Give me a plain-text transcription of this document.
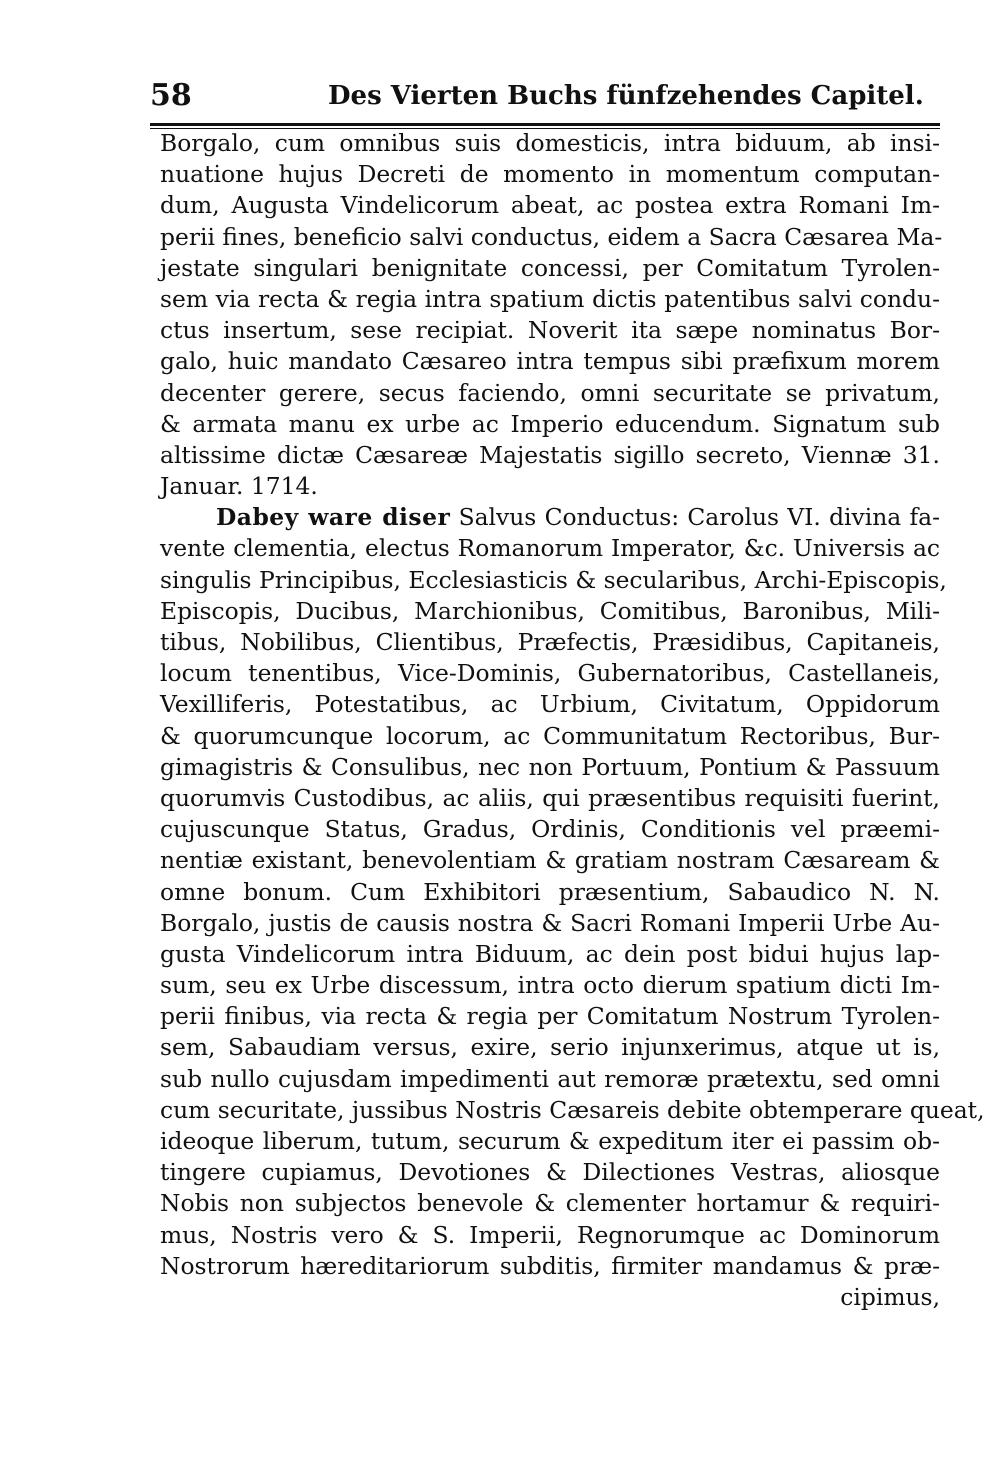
58	Des Vierten Buchs fünfzehendes Capitel.
Borgalo, cum omnibus suis domesticis, intra biduum, ab insi-
nuatione hujus Decreti de momento in momentum computan-
dum, Augusta Vindelicorum abeat, ac postea extra Romani Im-
perii fines, beneficio salvi conductus, eidem a Sacra Cæsarea Ma-
jestate singulari benignitate concessi, per Comitatum Tyrolen-
sem via recta & regia intra spatium dictis patentibus salvi condu-
ctus insertum, sese recipiat. Noverit ita sæpe nominatus Bor-
galo, huic mandato Cæsareo intra tempus sibi præfixum morem
decenter gerere, secus faciendo, omni securitate se privatum,
& armata manu ex urbe ac Imperio educendum. Signatum sub
altissime dictæ Cæsareæ Majestatis sigillo secreto, Viennæ 31.
Januar. 1714.
Dabey ware diser Salvus Conductus: Carolus VI. divina fa-
vente clementia, electus Romanorum Imperator, &c. Universis ac
singulis Principibus, Ecclesiasticis & secularibus, Archi-Episcopis,
Episcopis, Ducibus, Marchionibus, Comitibus, Baronibus, Mili-
tibus, Nobilibus, Clientibus, Præfectis, Præsidibus, Capitaneis,
locum tenentibus, Vice-Dominis, Gubernatoribus, Castellaneis,
Vexilliferis, Potestatibus, ac Urbium, Civitatum, Oppidorum
& quorumcunque locorum, ac Communitatum Rectoribus, Bur-
gimagistris & Consulibus, nec non Portuum, Pontium & Passuum
quorumvis Custodibus, ac aliis, qui præsentibus requisiti fuerint,
cujuscunque Status, Gradus, Ordinis, Conditionis vel præemi-
nentiæ existant, benevolentiam & gratiam nostram Cæsaream &
omne bonum. Cum Exhibitori præsentium, Sabaudico N. N.
Borgalo, justis de causis nostra & Sacri Romani Imperii Urbe Au-
gusta Vindelicorum intra Biduum, ac dein post bidui hujus lap-
sum, seu ex Urbe discessum, intra octo dierum spatium dicti Im-
perii finibus, via recta & regia per Comitatum Nostrum Tyrolen-
sem, Sabaudiam versus, exire, serio injunxerimus, atque ut is,
sub nullo cujusdam impedimenti aut remoræ prætextu, sed omni
cum securitate, jussibus Nostris Cæsareis debite obtemperare queat,
ideoque liberum, tutum, securum & expeditum iter ei passim ob-
tingere cupiamus, Devotiones & Dilectiones Vestras, aliosque
Nobis non subjectos benevole & clementer hortamur & requiri-
mus, Nostris vero & S. Imperii, Regnorumque ac Dominorum
Nostrorum hæreditariorum subditis, firmiter mandamus & præ-
cipimus,
